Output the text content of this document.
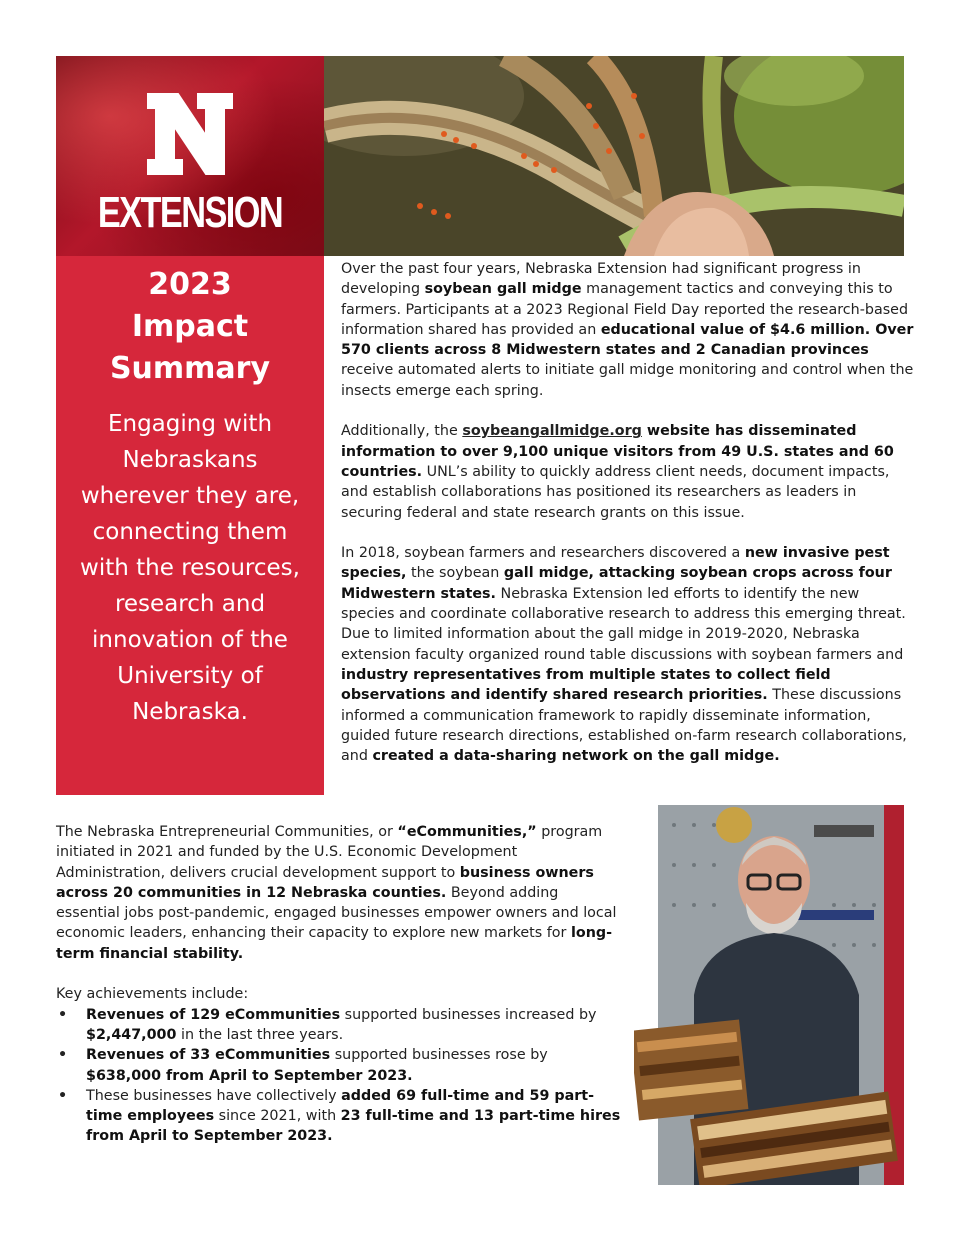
EXTENSION
2023
Impact
Summary
Engaging with Nebraskans wherever they are, connecting them with the resources, research and innovation of the University of Nebraska.

Over the past four years, Nebraska Extension had significant progress in developing soybean gall midge management tactics and conveying this to farmers. Participants at a 2023 Regional Field Day reported the research-based information shared has provided an educational value of $4.6 million. Over 570 clients across 8 Midwestern states and 2 Canadian provinces receive automated alerts to initiate gall midge monitoring and control when the insects emerge each spring.

Additionally, the soybeangallmidge.org website has disseminated information to over 9,100 unique visitors from 49 U.S. states and 60 countries. UNL’s ability to quickly address client needs, document impacts, and establish collaborations has positioned its researchers as leaders in securing federal and state research grants on this issue.

In 2018, soybean farmers and researchers discovered a new invasive pest species, the soybean gall midge, attacking soybean crops across four Midwestern states. Nebraska Extension led efforts to identify the new species and coordinate collaborative research to address this emerging threat. Due to limited information about the gall midge in 2019-2020, Nebraska extension faculty organized round table discussions with soybean farmers and industry representatives from multiple states to collect field observations and identify shared research priorities. These discussions informed a communication framework to rapidly disseminate information, guided future research directions, established on-farm research collaborations, and created a data-sharing network on the gall midge.

The Nebraska Entrepreneurial Communities, or “eCommunities,” program initiated in 2021 and funded by the U.S. Economic Development Administration, delivers crucial development support to business owners across 20 communities in 12 Nebraska counties. Beyond adding essential jobs post-pandemic, engaged businesses empower owners and local economic leaders, enhancing their capacity to explore new markets for long-term financial stability.

Key achievements include:
• Revenues of 129 eCommunities supported businesses increased by $2,447,000 in the last three years.
• Revenues of 33 eCommunities supported businesses rose by $638,000 from April to September 2023.
• These businesses have collectively added 69 full-time and 59 part-time employees since 2021, with 23 full-time and 13 part-time hires from April to September 2023.
